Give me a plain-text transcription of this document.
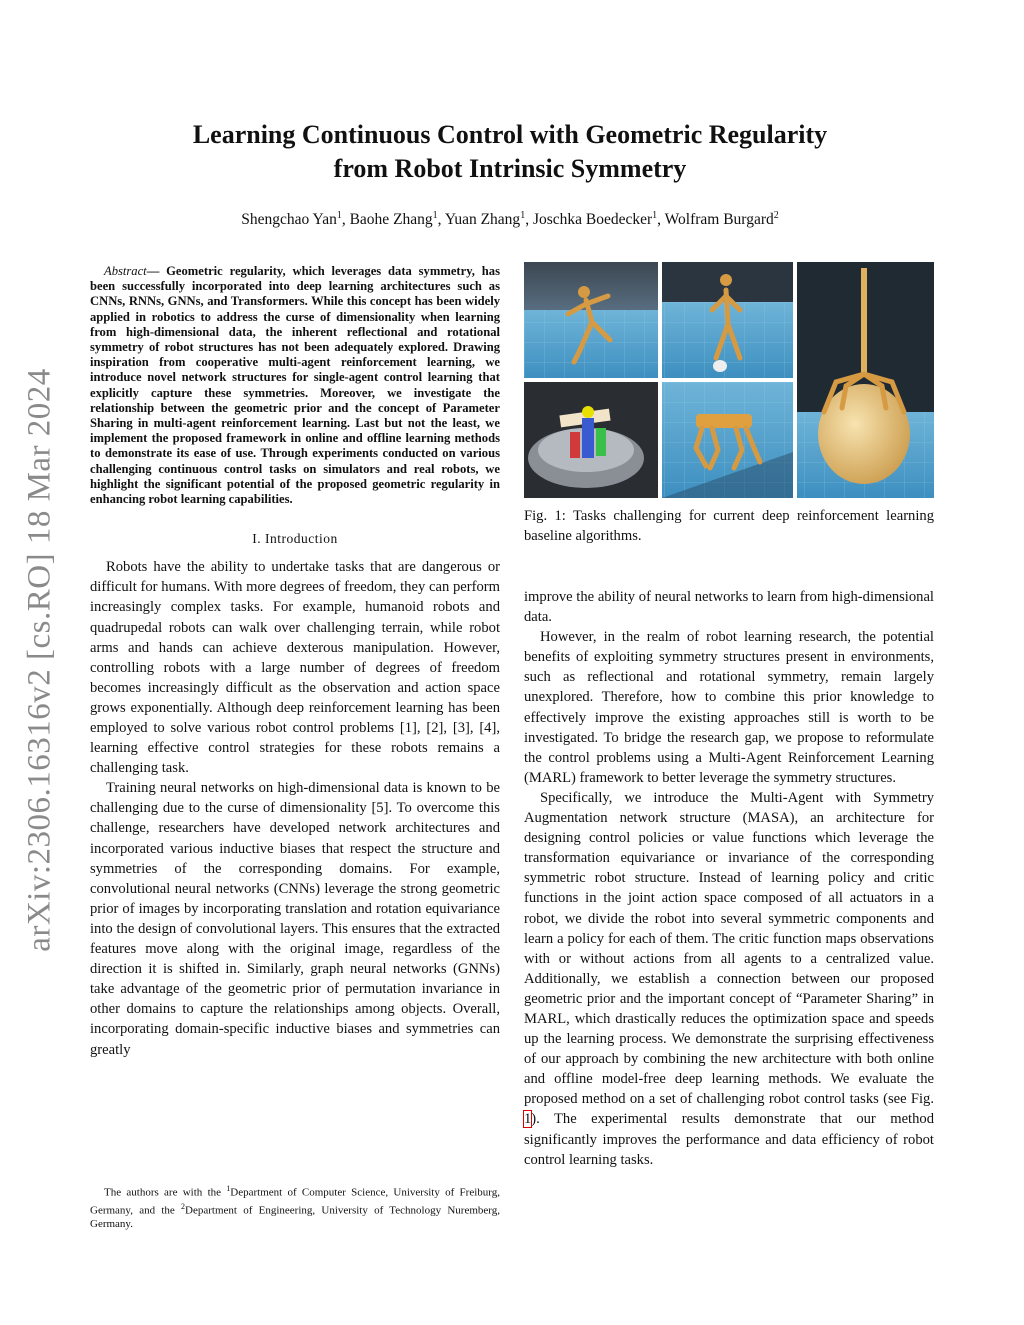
arXiv:2306.16316v2 [cs.RO] 18 Mar 2024
Learning Continuous Control with Geometric Regularity
from Robot Intrinsic Symmetry
Shengchao Yan$^1$, Baohe Zhang$^1$, Yuan Zhang$^1$, Joschka Boedecker$^1$, Wolfram Burgard$^2$

Abstract— Geometric regularity, which leverages data symmetry, has been successfully incorporated into deep learning architectures such as CNNs, RNNs, GNNs, and Transformers. While this concept has been widely applied in robotics to address the curse of dimensionality when learning from high-dimensional data, the inherent reflectional and rotational symmetry of robot structures has not been adequately explored. Drawing inspiration from cooperative multi-agent reinforcement learning, we introduce novel network structures for single-agent control learning that explicitly capture these symmetries. Moreover, we investigate the relationship between the geometric prior and the concept of Parameter Sharing in multi-agent reinforcement learning. Last but not the least, we implement the proposed framework in online and offline learning methods to demonstrate its ease of use. Through experiments conducted on various challenging continuous control tasks on simulators and real robots, we highlight the significant potential of the proposed geometric regularity in enhancing robot learning capabilities.

I. Introduction

Robots have the ability to undertake tasks that are dangerous or difficult for humans. With more degrees of freedom, they can perform increasingly complex tasks. For example, humanoid robots and quadrupedal robots can walk over challenging terrain, while robot arms and hands can achieve dexterous manipulation. However, controlling robots with a large number of degrees of freedom becomes increasingly difficult as the observation and action space grows exponentially. Although deep reinforcement learning has been employed to solve various robot control problems [1], [2], [3], [4], learning effective control strategies for these robots remains a challenging task.

Training neural networks on high-dimensional data is known to be challenging due to the curse of dimensionality [5]. To overcome this challenge, researchers have developed network architectures and incorporated various inductive biases that respect the structure and symmetries of the corresponding domains. For example, convolutional neural networks (CNNs) leverage the strong geometric prior of images by incorporating translation and rotation equivariance into the design of convolutional layers. This ensures that the extracted features move along with the original image, regardless of the direction it is shifted in. Similarly, graph neural networks (GNNs) take advantage of the geometric prior of permutation invariance in other domains to capture the relationships among objects. Overall, incorporating domain-specific inductive biases and symmetries can greatly

The authors are with the $^1$Department of Computer Science, University of Freiburg, Germany, and the $^2$Department of Engineering, University of Technology Nuremberg, Germany.
Fig. 1: Tasks challenging for current deep reinforcement learning baseline algorithms.

improve the ability of neural networks to learn from high-dimensional data.

However, in the realm of robot learning research, the potential benefits of exploiting symmetry structures present in environments, such as reflectional and rotational symmetry, remain largely unexplored. Therefore, how to combine this prior knowledge to effectively improve the existing approaches still is worth to be investigated. To bridge the research gap, we propose to reformulate the control problems using a Multi-Agent Reinforcement Learning (MARL) framework to better leverage the symmetry structures.

Specifically, we introduce the Multi-Agent with Symmetry Augmentation network structure (MASA), an architecture for designing control policies or value functions which leverage the transformation equivariance or invariance of the corresponding symmetric robot structure. Instead of learning policy and critic functions in the joint action space composed of all actuators in a robot, we divide the robot into several symmetric components and learn a policy for each of them. The critic function maps observations with or without actions from all agents to a centralized value. Additionally, we establish a connection between our proposed geometric prior and the important concept of “Parameter Sharing” in MARL, which drastically reduces the optimization space and speeds up the learning process. We demonstrate the surprising effectiveness of our approach by combining the new architecture with both online and offline model-free deep learning methods. We evaluate the proposed method on a set of challenging robot control tasks (see Fig. 1). The experimental results demonstrate that our method significantly improves the performance and data efficiency of robot control learning tasks.
